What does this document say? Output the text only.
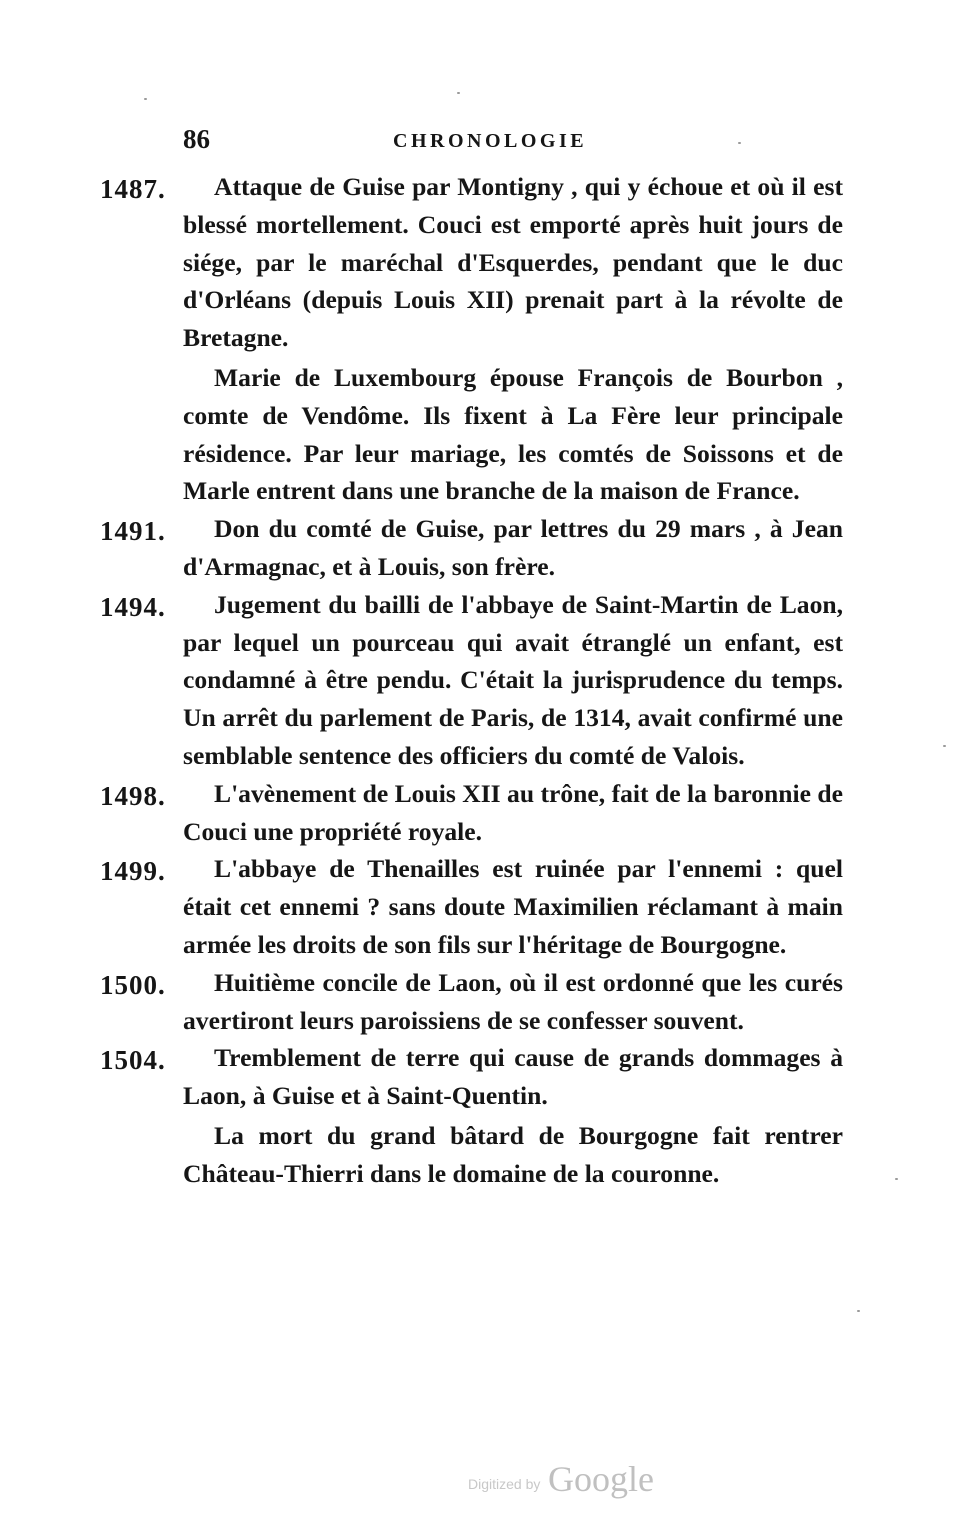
86	CHRONOLOGIE
1487.	Attaque de Guise par Montigny , qui y échoue et où il est blessé mortellement. Couci est emporté après huit jours de siége, par le maréchal d'Esquerdes, pendant que le duc d'Orléans (depuis Louis XII) prenait part à la révolte de Bretagne.

Marie de Luxembourg épouse François de Bourbon , comte de Vendôme. Ils fixent à La Fère leur principale résidence. Par leur mariage, les comtés de Soissons et de Marle entrent dans une branche de la maison de France.

1491.	Don du comté de Guise, par lettres du 29 mars , à Jean d'Armagnac, et à Louis, son frère.

1494.	Jugement du bailli de l'abbaye de Saint-Martin de Laon, par lequel un pourceau qui avait étranglé un enfant, est condamné à être pendu. C'était la jurisprudence du temps. Un arrêt du parlement de Paris, de 1314, avait confirmé une semblable sentence des officiers du comté de Valois.

1498.	L'avènement de Louis XII au trône, fait de la baronnie de Couci une propriété royale.

1499.	L'abbaye de Thenailles est ruinée par l'ennemi : quel était cet ennemi ? sans doute Maximilien réclamant à main armée les droits de son fils sur l'héritage de Bourgogne.

1500.	Huitième concile de Laon, où il est ordonné que les curés avertiront leurs paroissiens de se confesser souvent.

1504.	Tremblement de terre qui cause de grands dommages à Laon, à Guise et à Saint-Quentin.

La mort du grand bâtard de Bourgogne fait rentrer Château-Thierri dans le domaine de la couronne.

Digitized by Google
